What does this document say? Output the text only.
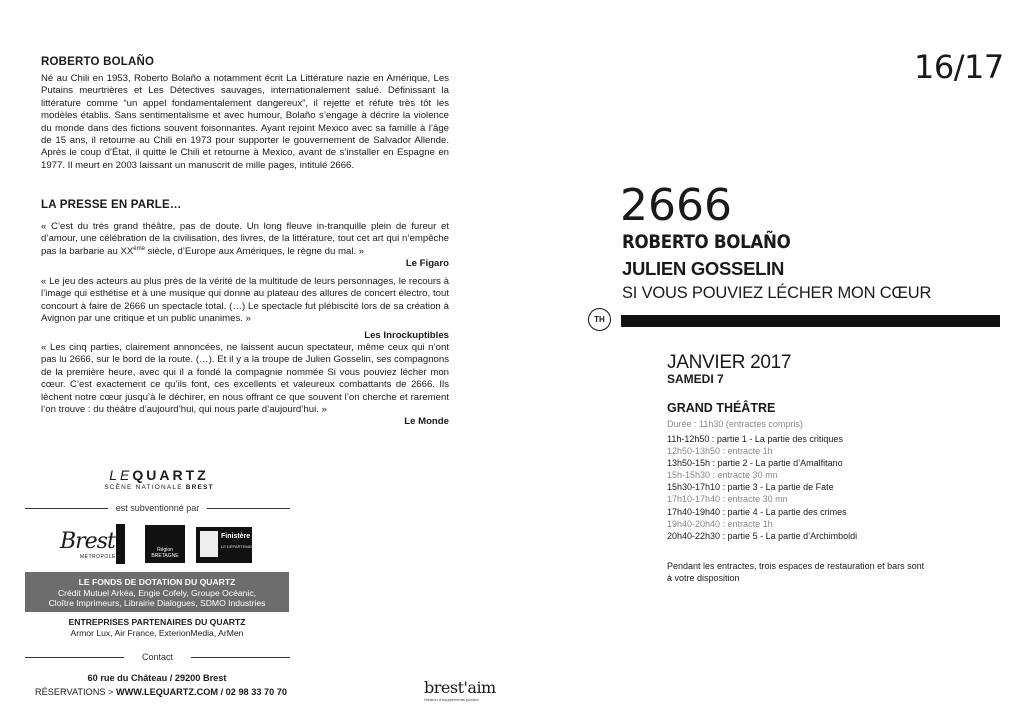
ROBERTO BOLAÑO

Né au Chili en 1953, Roberto Bolaño a notamment écrit La Littérature nazie en Amérique, Les Putains meurtrières et Les Détectives sauvages, internationalement salué. Définissant la littérature comme “un appel fondamentalement dangereux”, il rejette et réfute très tôt les modèles établis. Sans sentimentalisme et avec humour, Bolaño s’engage à décrire la violence du monde dans des fictions souvent foisonnantes. Ayant rejoint Mexico avec sa famille à l’âge de 15 ans, il retourne au Chili en 1973 pour supporter le gouvernement de Salvador Allende. Après le coup d’État, il quitte le Chili et retourne à Mexico, avant de s’installer en Espagne en 1977. Il meurt en 2003 laissant un manuscrit de mille pages, intitulé 2666.

LA PRESSE EN PARLE…
« C’est du très grand théâtre, pas de doute. Un long fleuve in-tranquille plein de fureur et d’amour, une célébration de la civilisation, des livres, de la littérature, tout cet art qui n’empêche pas la barbarie au XXème siècle, d’Europe aux Amériques, le règne du mal. »
Le Figaro
« Le jeu des acteurs au plus près de la vérité de la multitude de leurs personnages, le recours à l’image qui esthétise et à une musique qui donne au plateau des allures de concert électro, tout concourt à faire de 2666 un spectacle total. (…) Le spectacle fut plébiscité lors de sa création à Avignon par une critique et un public unanimes. »
Les Inrockuptibles
« Les cinq parties, clairement annoncées, ne laissent aucun spectateur, même ceux qui n’ont pas lu 2666, sur le bord de la route. (…). Et il y a la troupe de Julien Gosselin, ses compagnons de la première heure, avec qui il a fondé la compagnie nommée Si vous pouviez lécher mon cœur. C’est exactement ce qu’ils font, ces excellents et valeureux combattants de 2666. Ils lèchent notre cœur jusqu’à le déchirer, en nous offrant ce que souvent l’on cherche et rarement l’on trouve : du théâtre d’aujourd’hui, qui nous parle d’aujourd’hui. »
Le Monde
LEQUARTZ
SCÈNE NATIONALE BREST
est subventionné par
Brest
MÉTROPOLE
Région BRETAGNE
Finistère
LE DÉPARTEMENT
LE FONDS DE DOTATION DU QUARTZ
Crédit Mutuel Arkéa, Engie Cofely, Groupe Océanic,
Cloître Imprimeurs, Librairie Dialogues, SDMO Industries
ENTREPRISES PARTENAIRES DU QUARTZ
Armor Lux, Air France, ExterionMedia, ArMen
Contact
60 rue du Château / 29200 Brest
RÉSERVATIONS > WWW.LEQUARTZ.COM / 02 98 33 70 70	brest'aim
Gestion d’équipements publics
16/17
2666
ROBERTO BOLAÑO
JULIEN GOSSELIN
SI VOUS POUVIEZ LÉCHER MON CŒUR
TH
JANVIER 2017
SAMEDI 7
GRAND THÉÂTRE
Durée : 11h30 (entractes compris)
11h-12h50 : partie 1 - La partie des critiques
12h50-13h50 : entracte 1h
13h50-15h : partie 2 - La partie d’Amalfitano
15h-15h30 : entracte 30 mn
15h30-17h10 : partie 3 - La partie de Fate
17h10-17h40 : entracte 30 mn
17h40-19h40 : partie 4 - La partie des crimes
19h40-20h40 : entracte 1h
20h40-22h30 : partie 5 - La partie d’Archimboldi

Pendant les entractes, trois espaces de restauration et bars sont à votre disposition
